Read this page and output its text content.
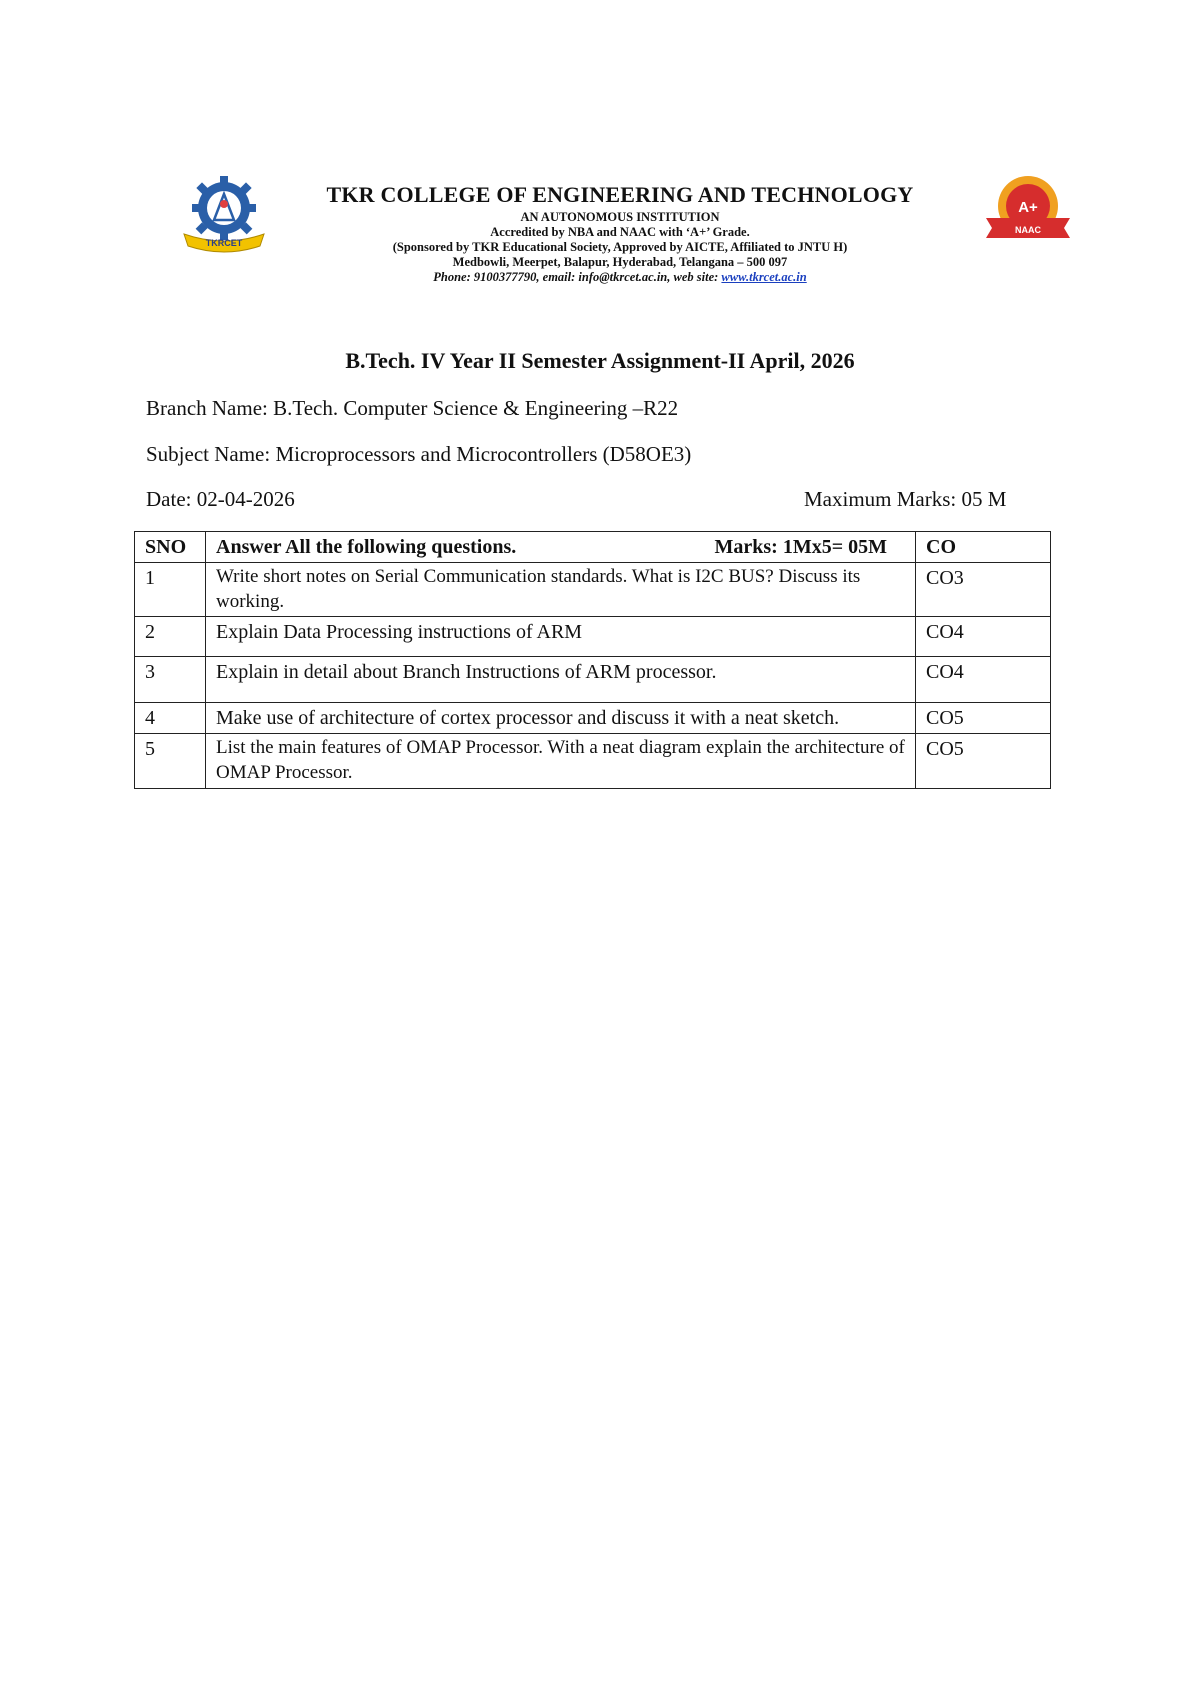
TKRCET
TKR COLLEGE OF ENGINEERING AND TECHNOLOGY
AN AUTONOMOUS INSTITUTION
Accredited by NBA and NAAC with ‘A+’ Grade.
(Sponsored by TKR Educational Society, Approved by AICTE, Affiliated to JNTU H)
Medbowli, Meerpet, Balapur, Hyderabad, Telangana – 500 097
Phone: 9100377790, email: info@tkrcet.ac.in, web site: www.tkrcet.ac.in
A+
NAAC
B.Tech. IV Year II Semester Assignment-II April, 2026
Branch Name: B.Tech. Computer Science & Engineering –R22
Subject Name: Microprocessors and Microcontrollers (D58OE3)
Date: 02-04-2026	Maximum Marks: 05 M
SNO	Answer All the following questions. Marks: 1Mx5= 05M	CO
1	Write short notes on Serial Communication standards. What is I2C BUS? Discuss its working.	CO3
2	Explain Data Processing instructions of ARM	CO4
3	Explain in detail about Branch Instructions of ARM processor.	CO4
4	Make use of architecture of cortex processor and discuss it with a neat sketch.	CO5
5	List the main features of OMAP Processor. With a neat diagram explain the architecture of OMAP Processor.	CO5
